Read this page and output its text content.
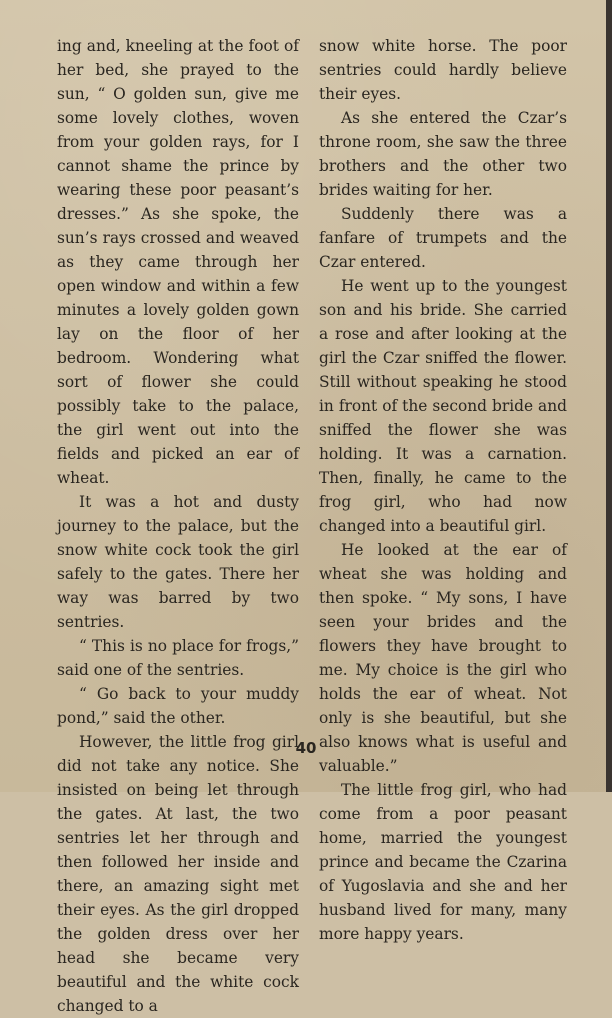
ing and, kneeling at the foot of her bed, she prayed to the sun, “ O golden sun, give me some lovely clothes, woven from your golden rays, for I cannot shame the prince by wearing these poor peasant’s dresses.” As she spoke, the sun’s rays crossed and weaved as they came through her open window and within a few minutes a lovely golden gown lay on the floor of her bedroom. Wondering what sort of flower she could possibly take to the palace, the girl went out into the fields and picked an ear of wheat.

It was a hot and dusty journey to the palace, but the snow white cock took the girl safely to the gates. There her way was barred by two sentries.

“ This is no place for frogs,” said one of the sentries.

“ Go back to your muddy pond,” said the other.

However, the little frog girl did not take any notice. She insisted on being let through the gates. At last, the two sentries let her through and then followed her inside and there, an amazing sight met their eyes. As the girl dropped the golden dress over her head she became very beautiful and the white cock changed to a

snow white horse. The poor sentries could hardly believe their eyes.

As she entered the Czar’s throne room, she saw the three brothers and the other two brides waiting for her.

Suddenly there was a fanfare of trumpets and the Czar entered.

He went up to the youngest son and his bride. She carried a rose and after looking at the girl the Czar sniffed the flower. Still without speaking he stood in front of the second bride and sniffed the flower she was holding. It was a carnation. Then, finally, he came to the frog girl, who had now changed into a beautiful girl.

He looked at the ear of wheat she was holding and then spoke. “ My sons, I have seen your brides and the flowers they have brought to me. My choice is the girl who holds the ear of wheat. Not only is she beautiful, but she also knows what is useful and valuable.”

The little frog girl, who had come from a poor peasant home, married the youngest prince and became the Czarina of Yugoslavia and she and her husband lived for many, many more happy years.

40
